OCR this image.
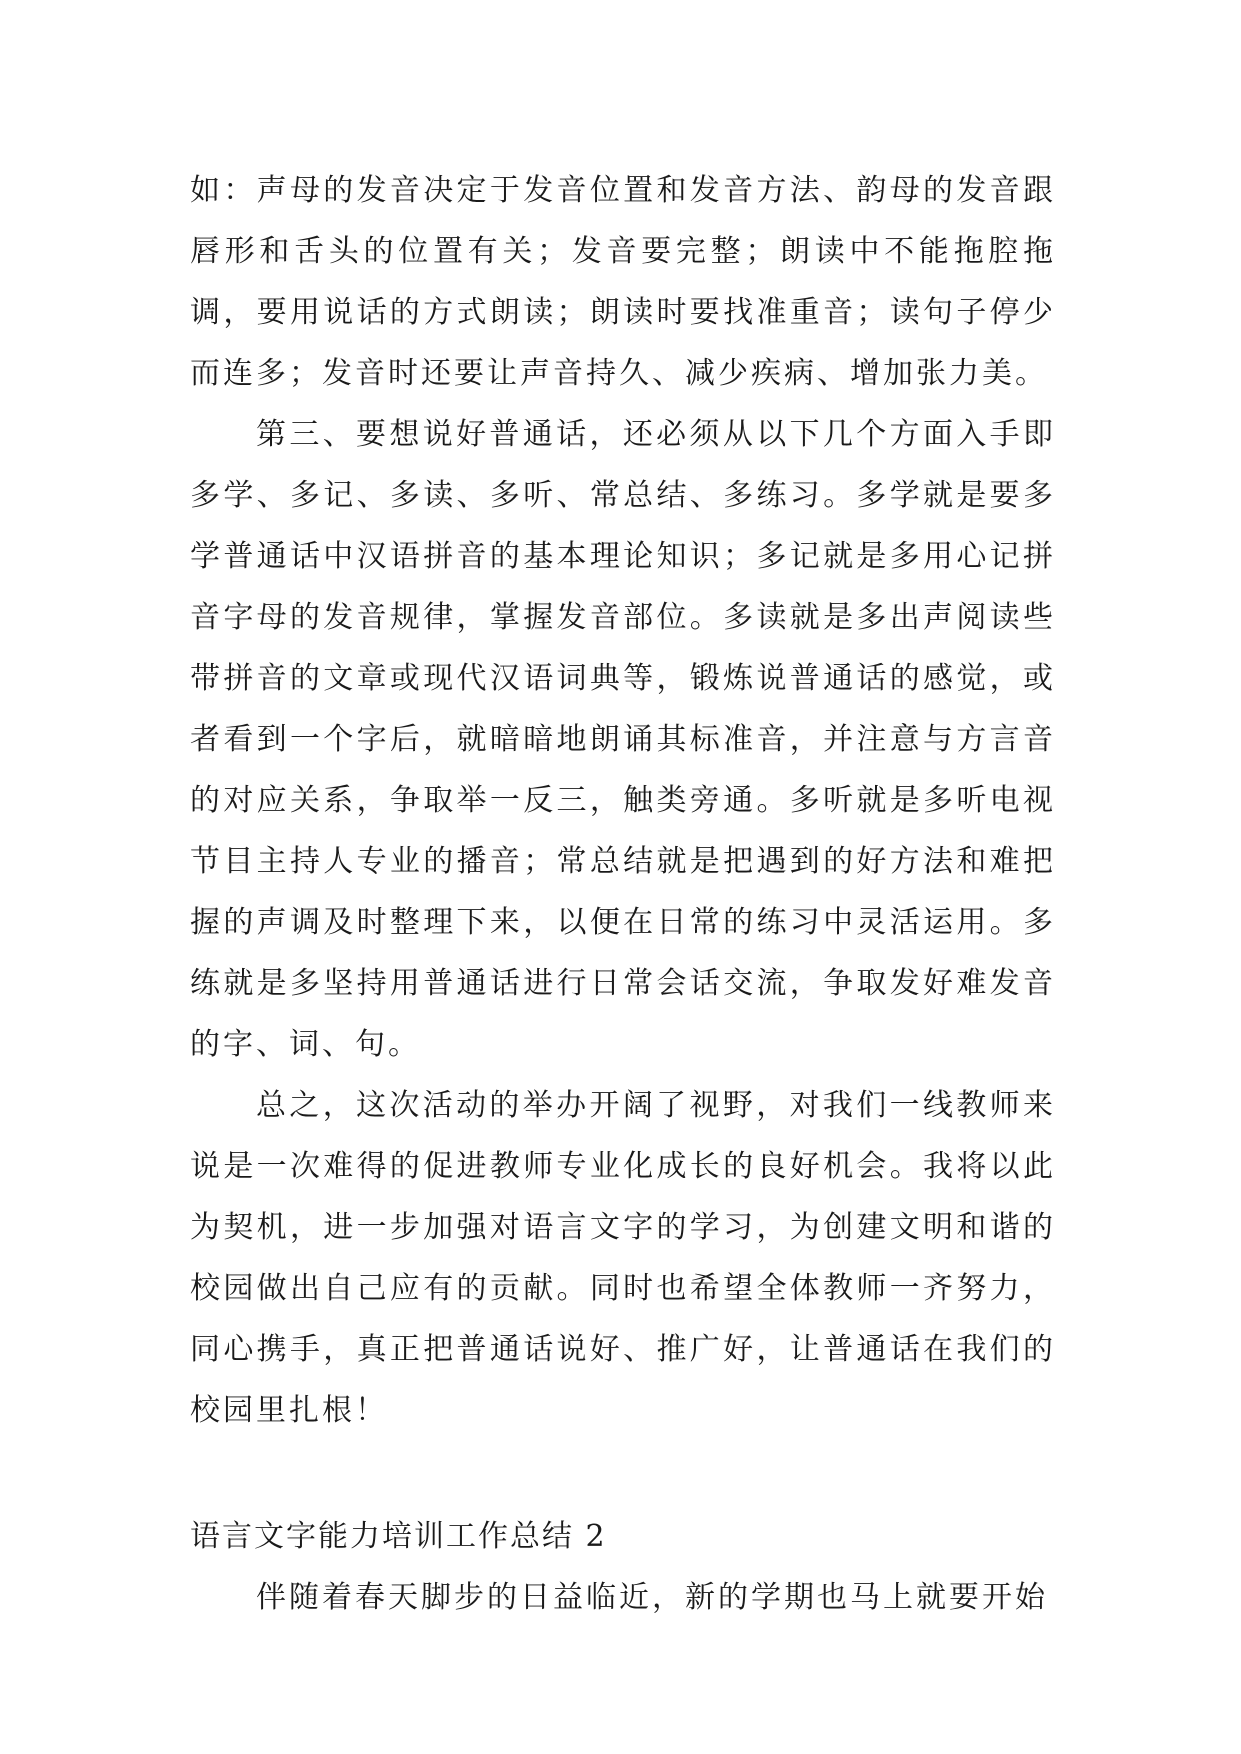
如：声母的发音决定于发音位置和发音方法、韵母的发音跟唇形和舌头的位置有关；发音要完整；朗读中不能拖腔拖调，要用说话的方式朗读；朗读时要找准重音；读句子停少而连多；发音时还要让声音持久、减少疾病、增加张力美。

第三、要想说好普通话，还必须从以下几个方面入手即多学、多记、多读、多听、常总结、多练习。多学就是要多学普通话中汉语拼音的基本理论知识；多记就是多用心记拼音字母的发音规律，掌握发音部位。多读就是多出声阅读些带拼音的文章或现代汉语词典等，锻炼说普通话的感觉，或者看到一个字后，就暗暗地朗诵其标准音，并注意与方言音的对应关系，争取举一反三，触类旁通。多听就是多听电视节目主持人专业的播音；常总结就是把遇到的好方法和难把握的声调及时整理下来，以便在日常的练习中灵活运用。多练就是多坚持用普通话进行日常会话交流，争取发好难发音的字、词、句。

总之，这次活动的举办开阔了视野，对我们一线教师来说是一次难得的促进教师专业化成长的良好机会。我将以此为契机，进一步加强对语言文字的学习，为创建文明和谐的校园做出自己应有的贡献。同时也希望全体教师一齐努力，同心携手，真正把普通话说好、推广好，让普通话在我们的校园里扎根！

语言文字能力培训工作总结 2

伴随着春天脚步的日益临近，新的学期也马上就要开始
